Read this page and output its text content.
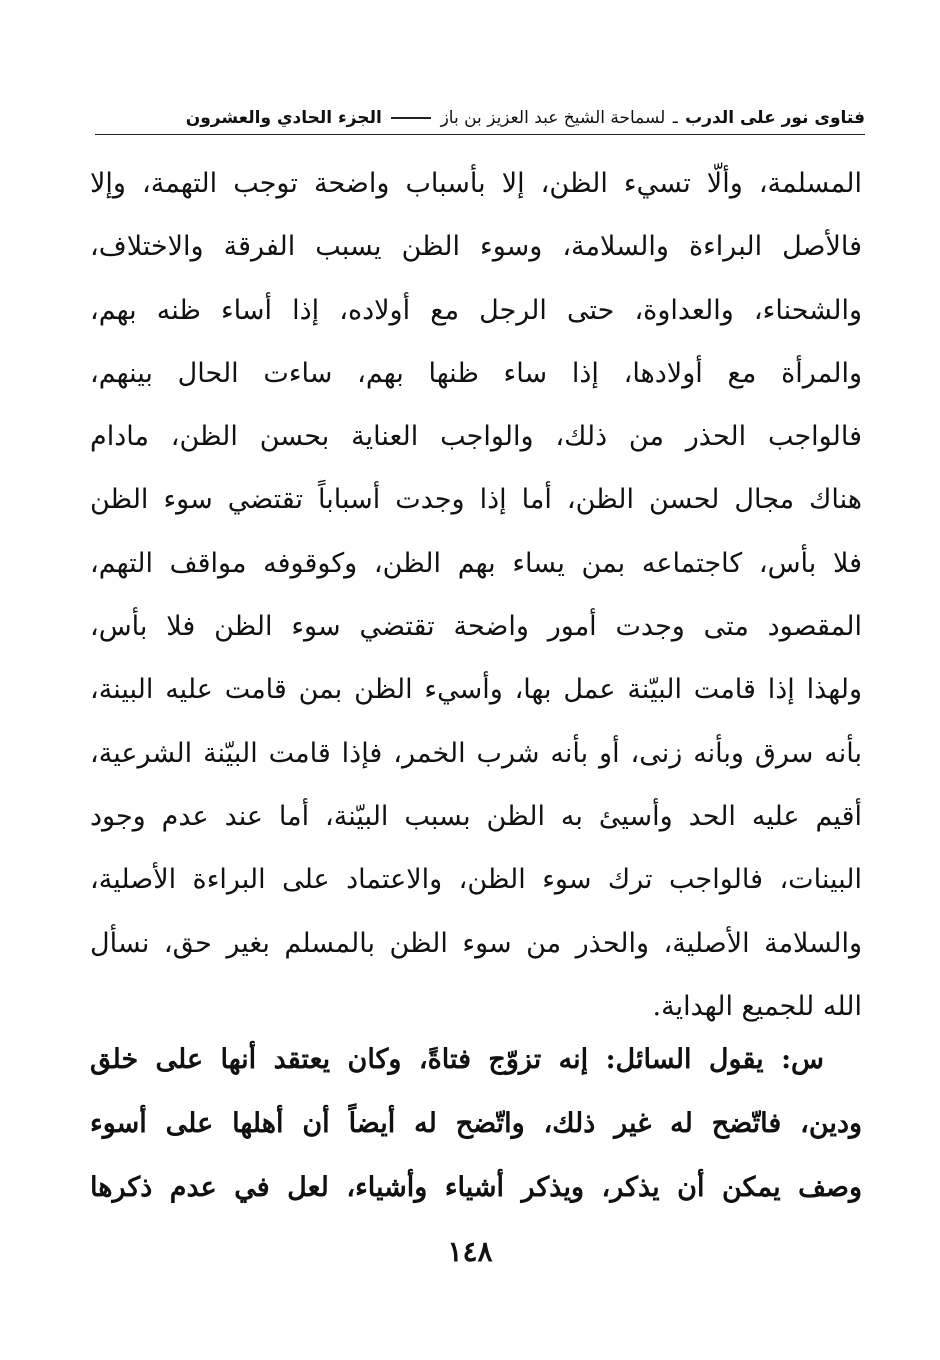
فتاوى نور على الدرب ـ لسماحة الشيخ عبد العزيز بن باز  الجزء الحادي والعشرون
المسلمة، وألّا تسيء الظن، إلا بأسباب واضحة توجب التهمة، وإلا
فالأصل البراءة والسلامة، وسوء الظن يسبب الفرقة والاختلاف،
والشحناء، والعداوة، حتى الرجل مع أولاده، إذا أساء ظنه بهم،
والمرأة مع أولادها، إذا ساء ظنها بهم، ساءت الحال بينهم،
فالواجب الحذر من ذلك، والواجب العناية بحسن الظن، مادام
هناك مجال لحسن الظن، أما إذا وجدت أسباباً تقتضي سوء الظن
فلا بأس، كاجتماعه بمن يساء بهم الظن، وكوقوفه مواقف التهم،
المقصود متى وجدت أمور واضحة تقتضي سوء الظن فلا بأس،
ولهذا إذا قامت البيّنة عمل بها، وأسيء الظن بمن قامت عليه البينة،
بأنه سرق وبأنه زنى، أو بأنه شرب الخمر، فإذا قامت البيّنة الشرعية،
أقيم عليه الحد وأسيئ به الظن بسبب البيّنة، أما عند عدم وجود
البينات، فالواجب ترك سوء الظن، والاعتماد على البراءة الأصلية،
والسلامة الأصلية، والحذر من سوء الظن بالمسلم بغير حق، نسأل
الله للجميع الهداية.
س: يقول السائل: إنه تزوّج فتاةً، وكان يعتقد أنها على خلق
ودين، فاتّضح له غير ذلك، واتّضح له أيضاً أن أهلها على أسوء
وصف يمكن أن يذكر، ويذكر أشياء وأشياء، لعل في عدم ذكرها
١٤٨
